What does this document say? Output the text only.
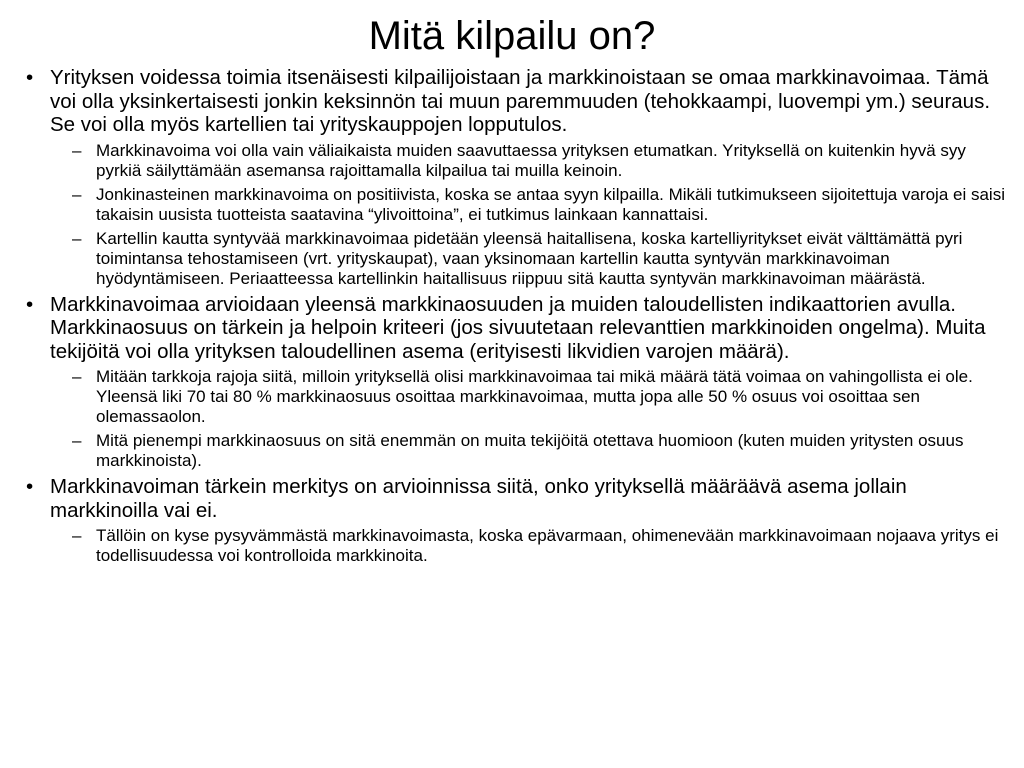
Mitä kilpailu on?
• Yrityksen voidessa toimia itsenäisesti kilpailijoistaan ja markkinoistaan se omaa markkinavoimaa. Tämä voi olla yksinkertaisesti jonkin keksinnön tai muun paremmuuden (tehokkaampi, luovempi ym.) seuraus. Se voi olla myös kartellien tai yrityskauppojen lopputulos.
– Markkinavoima voi olla vain väliaikaista muiden saavuttaessa yrityksen etumatkan. Yrityksellä on kuitenkin hyvä syy pyrkiä säilyttämään asemansa rajoittamalla kilpailua tai muilla keinoin.
– Jonkinasteinen markkinavoima on positiivista, koska se antaa syyn kilpailla. Mikäli tutkimukseen sijoitettuja varoja ei saisi takaisin uusista tuotteista saatavina “ylivoittoina”, ei tutkimus lainkaan kannattaisi.
– Kartellin kautta syntyvää markkinavoimaa pidetään yleensä haitallisena, koska kartelliyritykset eivät välttämättä pyri toimintansa tehostamiseen (vrt. yrityskaupat), vaan yksinomaan kartellin kautta syntyvän markkinavoiman hyödyntämiseen. Periaatteessa kartellinkin haitallisuus riippuu sitä kautta syntyvän markkinavoiman määrästä.
• Markkinavoimaa arvioidaan yleensä markkinaosuuden ja muiden taloudellisten indikaattorien avulla. Markkinaosuus on tärkein ja helpoin kriteeri (jos sivuutetaan relevanttien markkinoiden ongelma). Muita tekijöitä voi olla yrityksen taloudellinen asema (erityisesti likvidien varojen määrä).
– Mitään tarkkoja rajoja siitä, milloin yrityksellä olisi markkinavoimaa tai mikä määrä tätä voimaa on vahingollista ei ole. Yleensä liki 70 tai 80 % markkinaosuus osoittaa markkinavoimaa, mutta jopa alle 50 % osuus voi osoittaa sen olemassaolon.
– Mitä pienempi markkinaosuus on sitä enemmän on muita tekijöitä otettava huomioon (kuten muiden yritysten osuus markkinoista).
• Markkinavoiman tärkein merkitys on arvioinnissa siitä, onko yrityksellä määräävä asema jollain markkinoilla vai ei.
– Tällöin on kyse pysyvämmästä markkinavoimasta, koska epävarmaan, ohimenevään markkinavoimaan nojaava yritys ei todellisuudessa voi kontrolloida markkinoita.
